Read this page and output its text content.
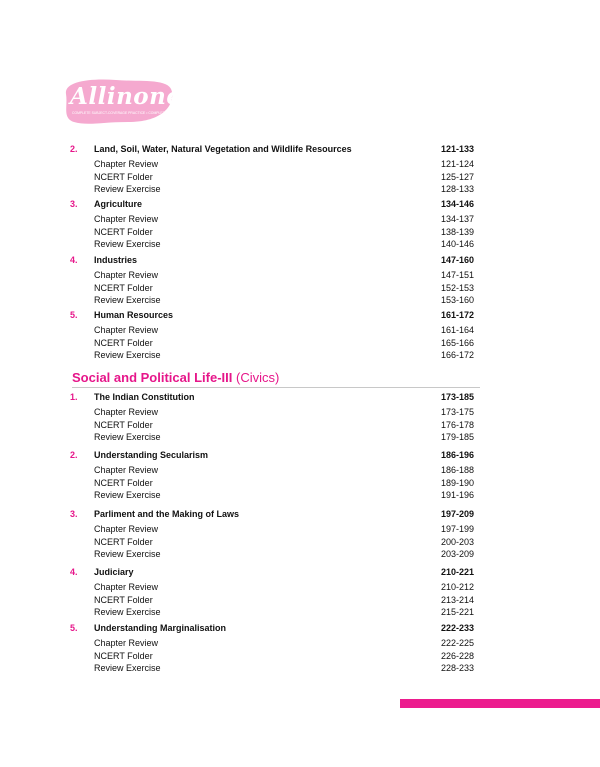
Allinone
COMPLETE SUBJECT-COVERAGE PRACTICE • COMPLETE ASSESSMENT
2.	Land, Soil, Water, Natural Vegetation and Wildlife Resources	121-133
Chapter Review	121-124
NCERT Folder	125-127
Review Exercise	128-133
3.	Agriculture	134-146
Chapter Review	134-137
NCERT Folder	138-139
Review Exercise	140-146
4.	Industries	147-160
Chapter Review	147-151
NCERT Folder	152-153
Review Exercise	153-160
5.	Human Resources	161-172
Chapter Review	161-164
NCERT Folder	165-166
Review Exercise	166-172
Social and Political Life-III (Civics)
1.	The Indian Constitution	173-185
Chapter Review	173-175
NCERT Folder	176-178
Review Exercise	179-185
2.	Understanding Secularism	186-196
Chapter Review	186-188
NCERT Folder	189-190
Review Exercise	191-196
3.	Parliment and the Making of Laws	197-209
Chapter Review	197-199
NCERT Folder	200-203
Review Exercise	203-209
4.	Judiciary	210-221
Chapter Review	210-212
NCERT Folder	213-214
Review Exercise	215-221
5.	Understanding Marginalisation	222-233
Chapter Review	222-225
NCERT Folder	226-228
Review Exercise	228-233
